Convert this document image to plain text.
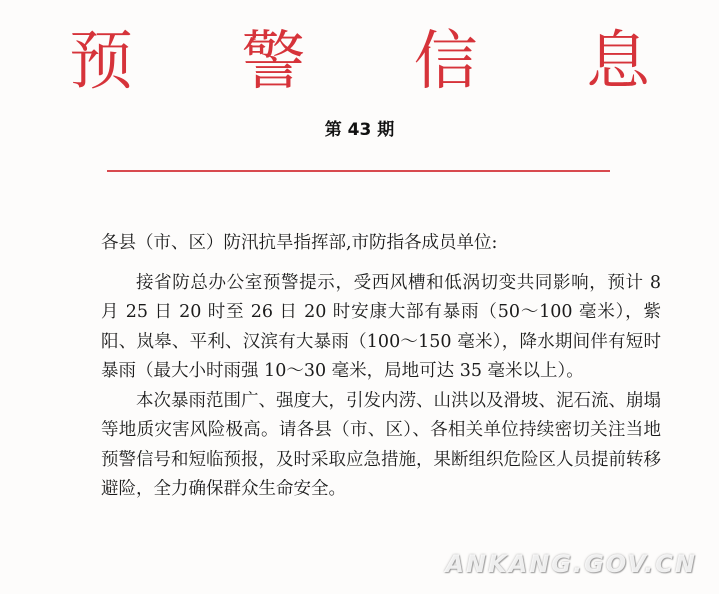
预 警 信 息
第 43 期

各县（市、区）防汛抗旱指挥部,市防指各成员单位:

接省防总办公室预警提示，受西风槽和低涡切变共同影响，预计 8 月 25 日 20 时至 26 日 20 时安康大部有暴雨（50～100 毫米），紫阳、岚皋、平利、汉滨有大暴雨（100～150 毫米），降水期间伴有短时暴雨（最大小时雨强 10～30 毫米，局地可达 35 毫米以上）。

本次暴雨范围广、强度大，引发内涝、山洪以及滑坡、泥石流、崩塌等地质灾害风险极高。请各县（市、区）、各相关单位持续密切关注当地预警信号和短临预报，及时采取应急措施，果断组织危险区人员提前转移避险，全力确保群众生命安全。

ANKANG.GOV.CN
